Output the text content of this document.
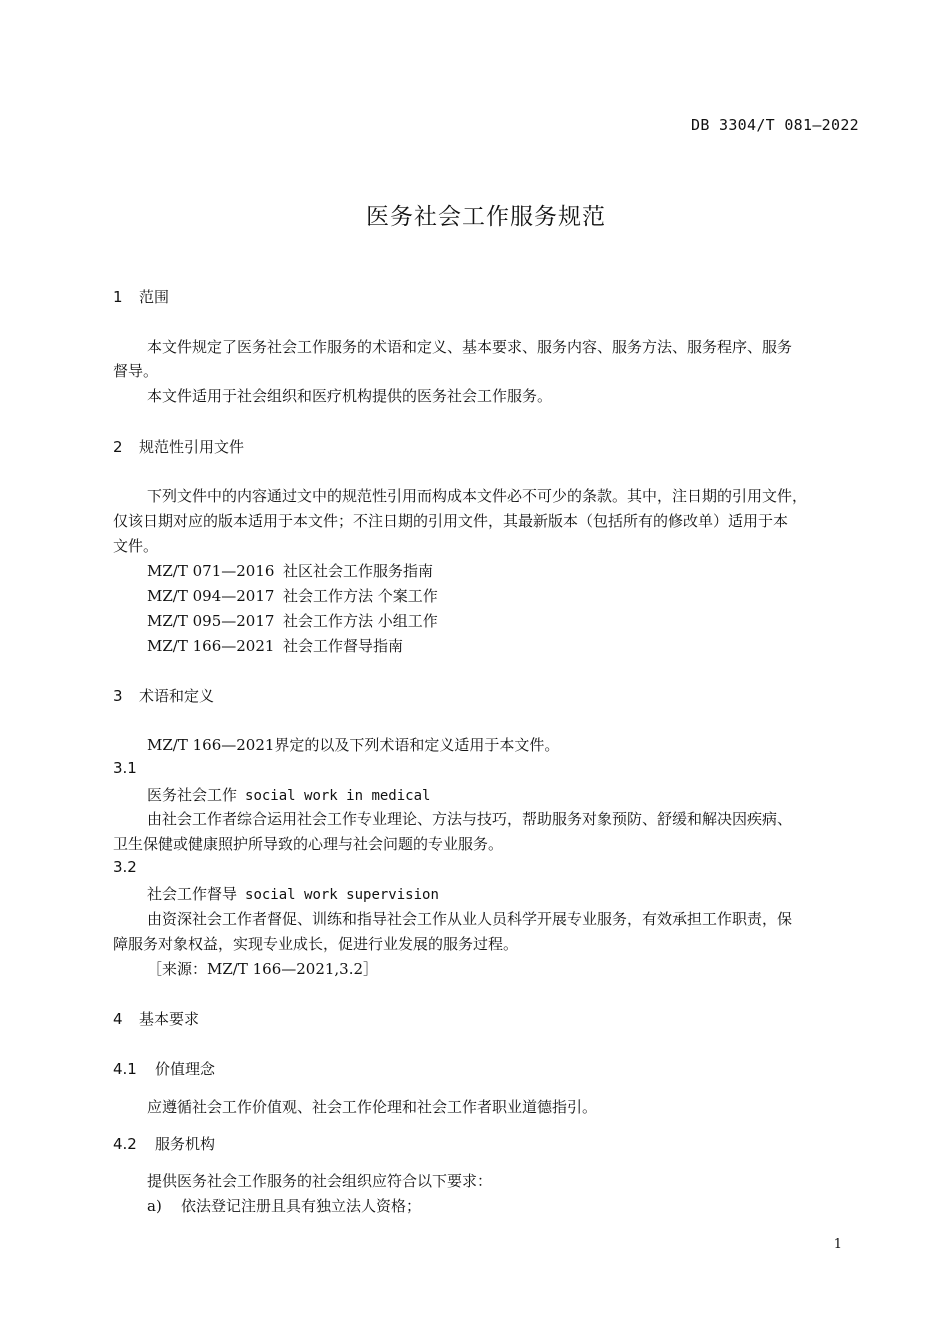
DB 3304/T 081—2022
医务社会工作服务规范
1 范围
本文件规定了医务社会工作服务的术语和定义、基本要求、服务内容、服务方法、服务程序、服务
督导。
本文件适用于社会组织和医疗机构提供的医务社会工作服务。
2 规范性引用文件
下列文件中的内容通过文中的规范性引用而构成本文件必不可少的条款。其中，注日期的引用文件，
仅该日期对应的版本适用于本文件；不注日期的引用文件，其最新版本（包括所有的修改单）适用于本
文件。
MZ/T 071—2016 社区社会工作服务指南
MZ/T 094—2017 社会工作方法 个案工作
MZ/T 095—2017 社会工作方法 小组工作
MZ/T 166—2021 社会工作督导指南
3 术语和定义
MZ/T 166—2021界定的以及下列术语和定义适用于本文件。
3.1
医务社会工作 social work in medical
由社会工作者综合运用社会工作专业理论、方法与技巧，帮助服务对象预防、舒缓和解决因疾病、
卫生保健或健康照护所导致的心理与社会问题的专业服务。
3.2
社会工作督导 social work supervision
由资深社会工作者督促、训练和指导社会工作从业人员科学开展专业服务，有效承担工作职责，保
障服务对象权益，实现专业成长，促进行业发展的服务过程。
［来源：MZ/T 166—2021,3.2］
4 基本要求
4.1 价值理念
应遵循社会工作价值观、社会工作伦理和社会工作者职业道德指引。
4.2 服务机构
提供医务社会工作服务的社会组织应符合以下要求：
a) 依法登记注册且具有独立法人资格；
1
